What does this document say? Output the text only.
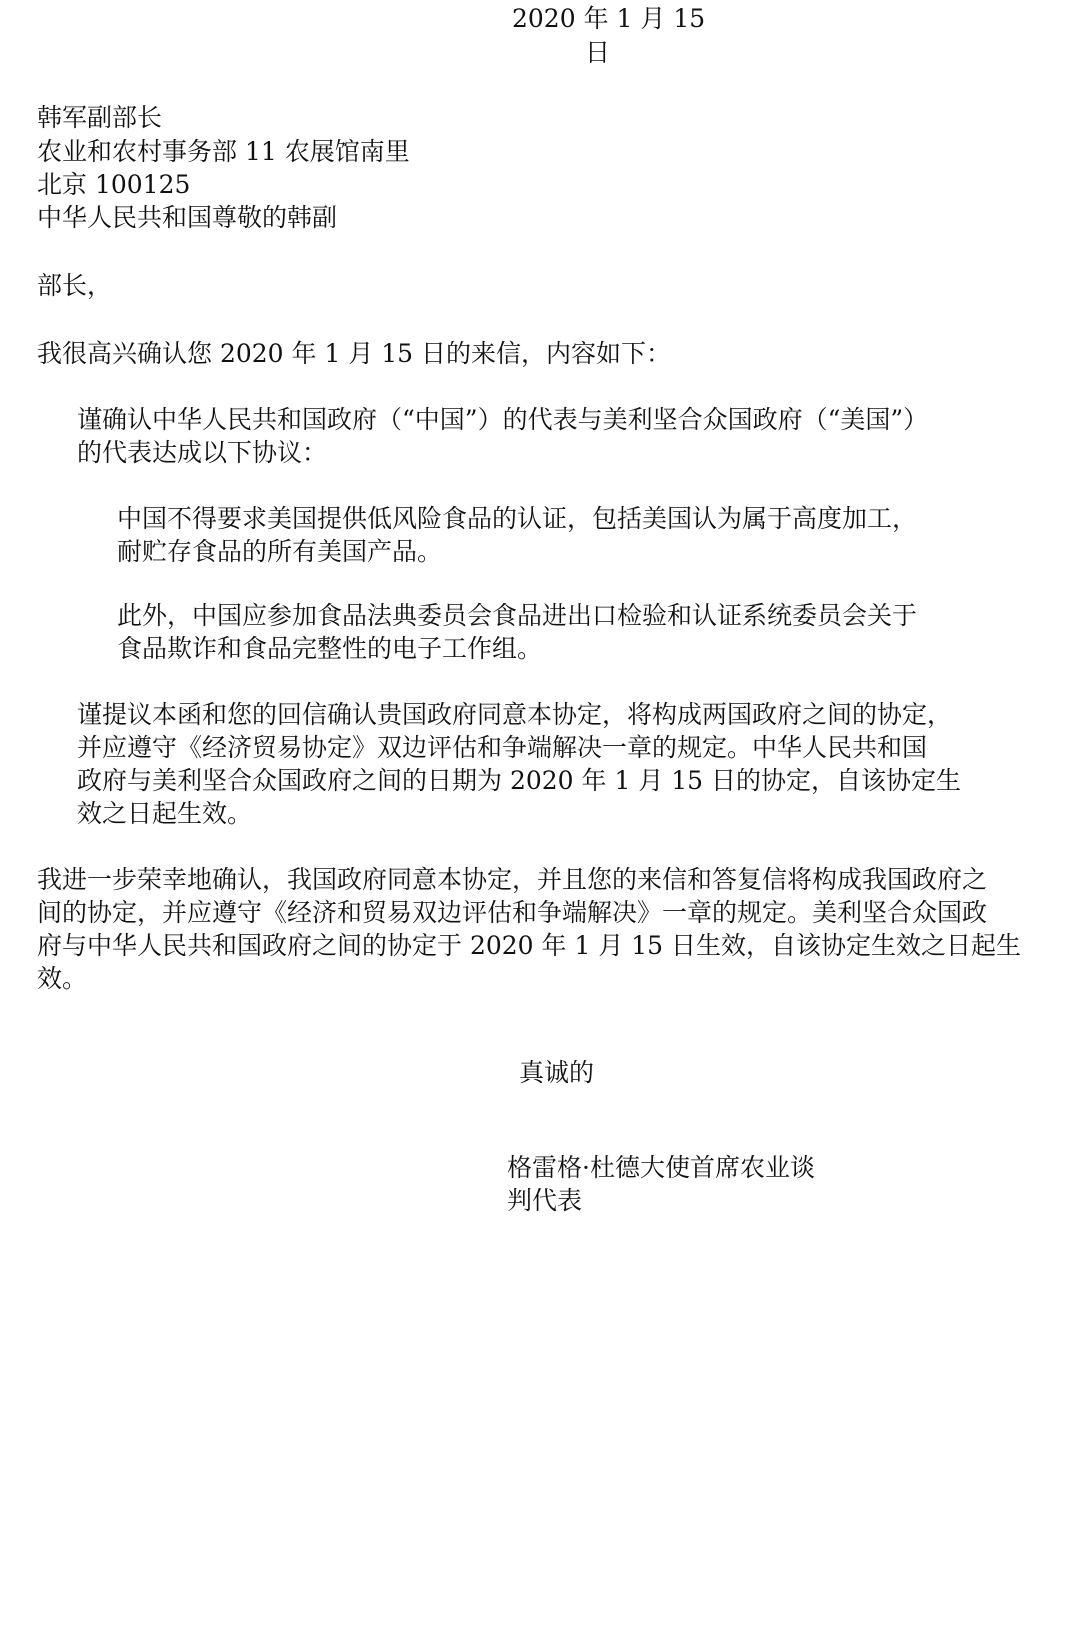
2020 年 1 月 15
日
韩军副部长
农业和农村事务部 11 农展馆南里
北京 100125
中华人民共和国尊敬的韩副
部长，
我很高兴确认您 2020 年 1 月 15 日的来信，内容如下：
谨确认中华人民共和国政府（“中国”）的代表与美利坚合众国政府（“美国”）
的代表达成以下协议：
中国不得要求美国提供低风险食品的认证，包括美国认为属于高度加工，
耐贮存食品的所有美国产品。
此外，中国应参加食品法典委员会食品进出口检验和认证系统委员会关于
食品欺诈和食品完整性的电子工作组。
谨提议本函和您的回信确认贵国政府同意本协定，将构成两国政府之间的协定，
并应遵守《经济贸易协定》双边评估和争端解决一章的规定。中华人民共和国
政府与美利坚合众国政府之间的日期为 2020 年 1 月 15 日的协定，自该协定生
效之日起生效。
我进一步荣幸地确认，我国政府同意本协定，并且您的来信和答复信将构成我国政府之
间的协定，并应遵守《经济和贸易双边评估和争端解决》一章的规定。美利坚合众国政
府与中华人民共和国政府之间的协定于 2020 年 1 月 15 日生效，自该协定生效之日起生
效。
真诚的
格雷格·杜德大使首席农业谈
判代表
